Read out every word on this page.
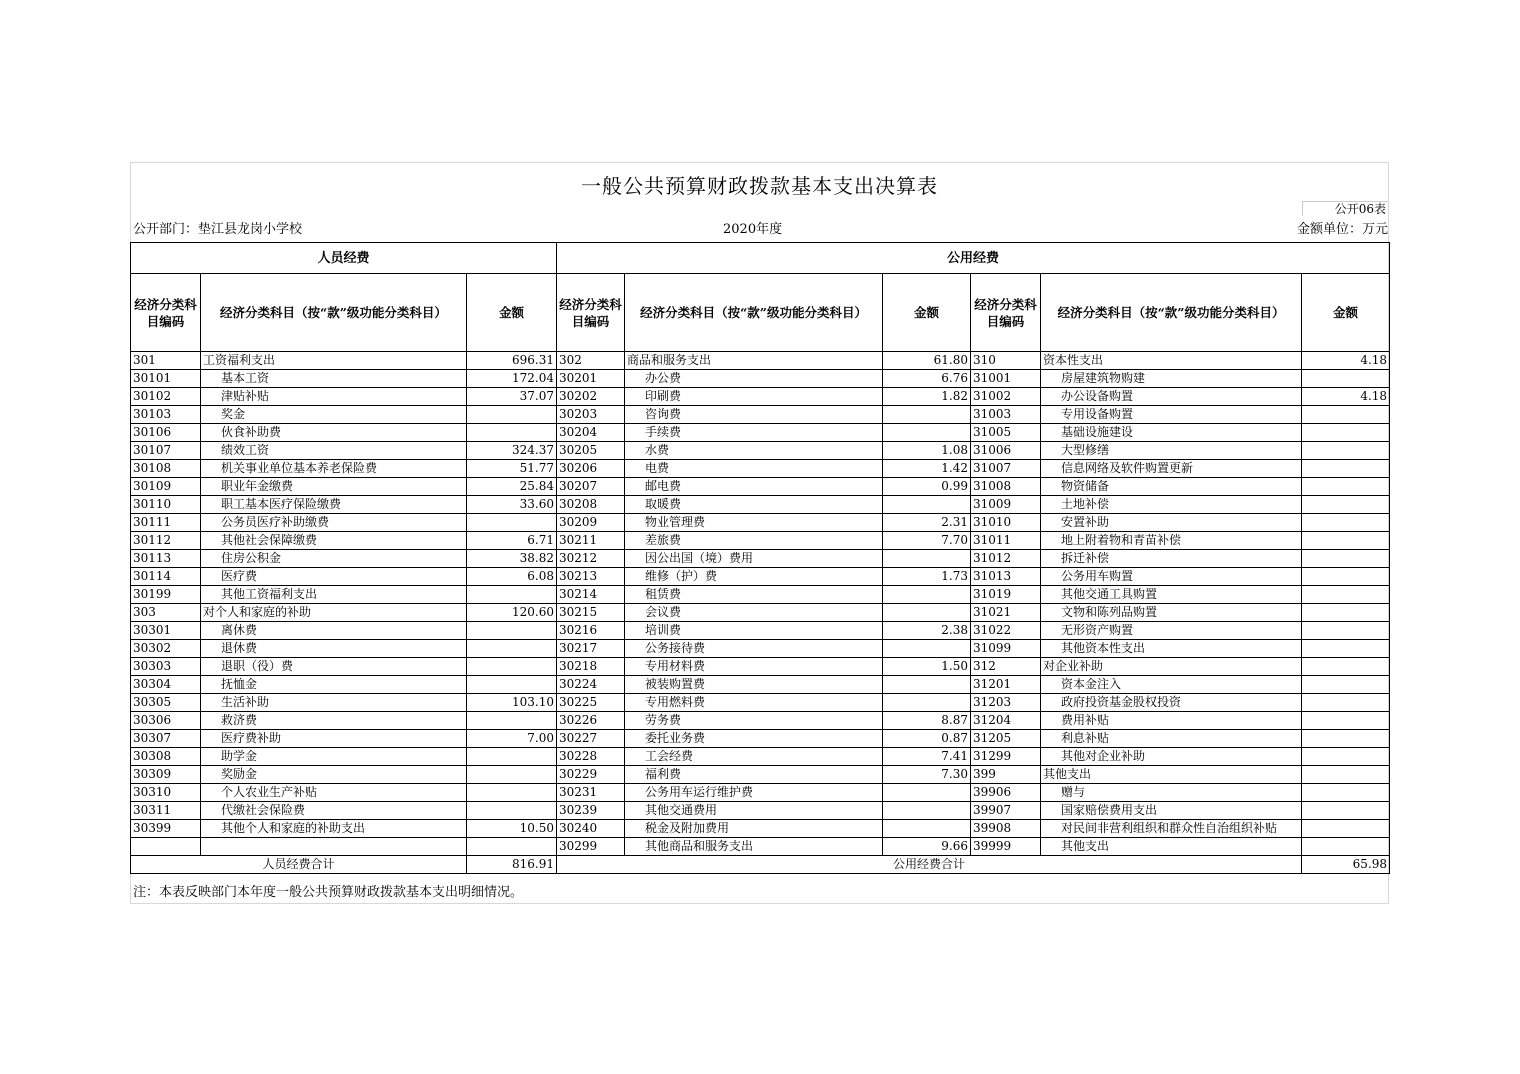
一般公共预算财政拨款基本支出决算表
公开06表
公开部门：垫江县龙岗小学校	2020年度	金额单位：万元
人员经费			公用经费					
经济分类科目编码	经济分类科目（按“款”级功能分类科目）	金额	经济分类科目编码	经济分类科目（按“款”级功能分类科目）	金额	经济分类科目编码	经济分类科目（按“款”级功能分类科目）	金额
301	工资福利支出	696.31	302	商品和服务支出	61.80	310	资本性支出	4.18
30101	基本工资	172.04	30201	办公费	6.76	31001	房屋建筑物购建	
30102	津贴补贴	37.07	30202	印刷费	1.82	31002	办公设备购置	4.18
30103	奖金		30203	咨询费		31003	专用设备购置	
30106	伙食补助费		30204	手续费		31005	基础设施建设	
30107	绩效工资	324.37	30205	水费	1.08	31006	大型修缮	
30108	机关事业单位基本养老保险费	51.77	30206	电费	1.42	31007	信息网络及软件购置更新	
30109	职业年金缴费	25.84	30207	邮电费	0.99	31008	物资储备	
30110	职工基本医疗保险缴费	33.60	30208	取暖费		31009	土地补偿	
30111	公务员医疗补助缴费		30209	物业管理费	2.31	31010	安置补助	
30112	其他社会保障缴费	6.71	30211	差旅费	7.70	31011	地上附着物和青苗补偿	
30113	住房公积金	38.82	30212	因公出国（境）费用		31012	拆迁补偿	
30114	医疗费	6.08	30213	维修（护）费	1.73	31013	公务用车购置	
30199	其他工资福利支出		30214	租赁费		31019	其他交通工具购置	
303	对个人和家庭的补助	120.60	30215	会议费		31021	文物和陈列品购置	
30301	离休费		30216	培训费	2.38	31022	无形资产购置	
30302	退休费		30217	公务接待费		31099	其他资本性支出	
30303	退职（役）费		30218	专用材料费	1.50	312	对企业补助	
30304	抚恤金		30224	被装购置费		31201	资本金注入	
30305	生活补助	103.10	30225	专用燃料费		31203	政府投资基金股权投资	
30306	救济费		30226	劳务费	8.87	31204	费用补贴	
30307	医疗费补助	7.00	30227	委托业务费	0.87	31205	利息补贴	
30308	助学金		30228	工会经费	7.41	31299	其他对企业补助	
30309	奖励金		30229	福利费	7.30	399	其他支出	
30310	个人农业生产补贴		30231	公务用车运行维护费		39906	赠与	
30311	代缴社会保险费		30239	其他交通费用		39907	国家赔偿费用支出	
30399	其他个人和家庭的补助支出	10.50	30240	税金及附加费用		39908	对民间非营利组织和群众性自治组织补贴	
			30299	其他商品和服务支出	9.66	39999	其他支出	
人员经费合计		816.91	公用经费合计					65.98
注：本表反映部门本年度一般公共预算财政拨款基本支出明细情况。
